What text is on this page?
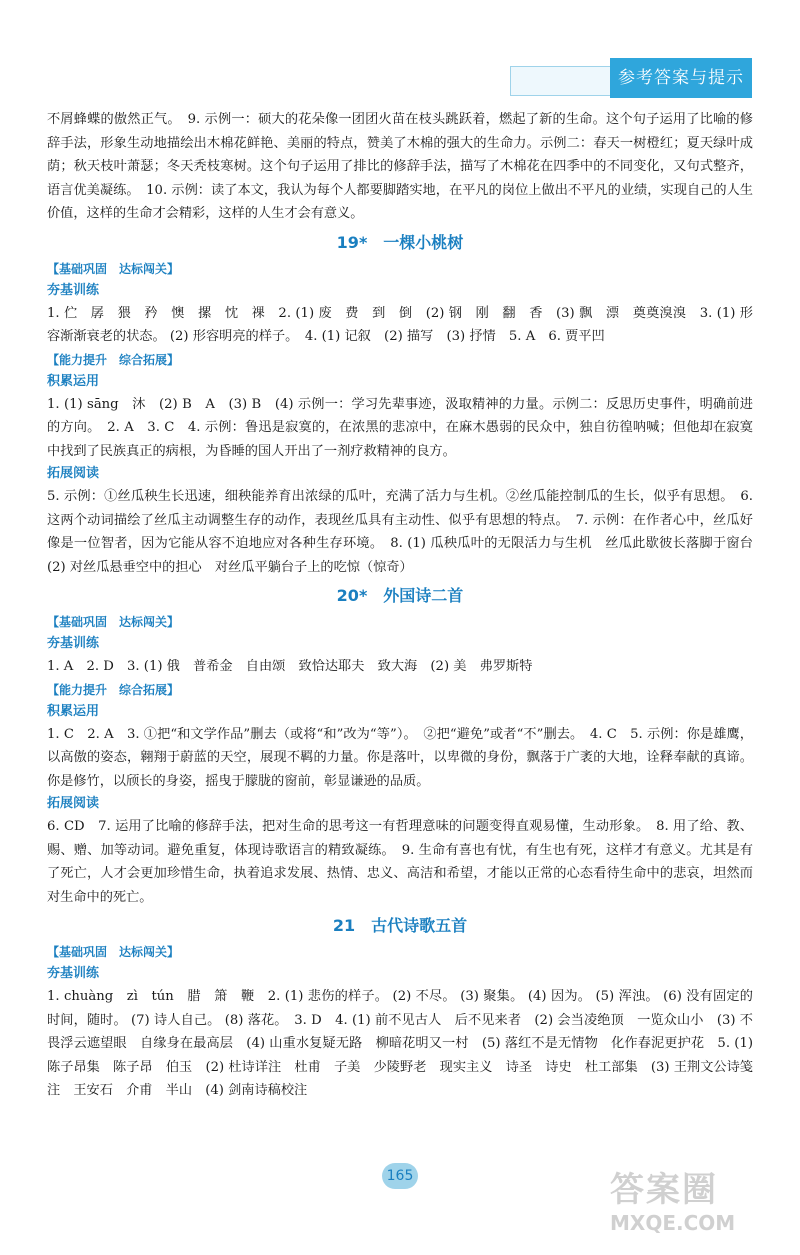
参考答案与提示

不屑蜂蝶的傲然正气。　9. 示例一：硕大的花朵像一团团火苗在枝头跳跃着，燃起了新的生命。这个句子运用了比喻的修辞手法，形象生动地描绘出木棉花鲜艳、美丽的特点，赞美了木棉的强大的生命力。示例二：春天一树橙红；夏天绿叶成荫；秋天枝叶萧瑟；冬天秃枝寒树。这个句子运用了排比的修辞手法，描写了木棉花在四季中的不同变化，又句式整齐，语言优美凝练。　10. 示例：读了本文，我认为每个人都要脚踏实地，在平凡的岗位上做出不平凡的业绩，实现自己的人生价值，这样的生命才会精彩，这样的人生才会有意义。

19*　一棵小桃树
【基础巩固　达标闯关】
夯基训练

1. 伫　孱　猥　矜　懊　摞　忱　祼　2. (1) 废　费　到　倒　(2) 钢　刚　翻　香　(3) 飘　漂　奠奠溴溴　3. (1) 形容渐渐衰老的状态。 (2) 形容明亮的样子。　4. (1) 记叙　(2) 描写　(3) 抒情　5. A　6. 贾平凹

【能力提升　综合拓展】
积累运用

1. (1) sāng　沐　(2) B　A　(3) B　(4) 示例一：学习先辈事迹，汲取精神的力量。示例二：反思历史事件，明确前进的方向。　2. A　3. C　4. 示例：鲁迅是寂寞的，在浓黑的悲凉中，在麻木愚弱的民众中，独自彷徨呐喊；但他却在寂寞中找到了民族真正的病根，为昏睡的国人开出了一剂疗救精神的良方。

拓展阅读

5. 示例：①丝瓜秧生长迅速，细秧能养育出浓绿的瓜叶，充满了活力与生机。②丝瓜能控制瓜的生长，似乎有思想。　6. 这两个动词描绘了丝瓜主动调整生存的动作，表现丝瓜具有主动性、似乎有思想的特点。　7. 示例：在作者心中，丝瓜好像是一位智者，因为它能从容不迫地应对各种生存环境。　8. (1) 瓜秧瓜叶的无限活力与生机　丝瓜此歇彼长落脚于窗台　(2) 对丝瓜悬垂空中的担心　对丝瓜平躺台子上的吃惊（惊奇）

20*　外国诗二首
【基础巩固　达标闯关】
夯基训练

1. A　2. D　3. (1) 俄　普希金　自由颂　致恰达耶夫　致大海　(2) 美　弗罗斯特

【能力提升　综合拓展】
积累运用

1. C　2. A　3. ①把“和文学作品”删去（或将“和”改为“等”）。　②把“避免”或者“不”删去。　4. C　5. 示例：你是雄鹰，以高傲的姿态，翱翔于蔚蓝的天空，展现不羁的力量。你是落叶，以卑微的身份，飘落于广袤的大地，诠释奉献的真谛。你是修竹，以颀长的身姿，摇曳于朦胧的窗前，彰显谦逊的品质。

拓展阅读

6. CD　7. 运用了比喻的修辞手法，把对生命的思考这一有哲理意味的问题变得直观易懂，生动形象。　8. 用了给、教、赐、赠、加等动词。避免重复，体现诗歌语言的精致凝练。　9. 生命有喜也有忧，有生也有死，这样才有意义。尤其是有了死亡，人才会更加珍惜生命，执着追求发展、热情、忠义、高洁和希望，才能以正常的心态看待生命中的悲哀，坦然而对生命中的死亡。

21　古代诗歌五首
【基础巩固　达标闯关】
夯基训练

1. chuàng　zì　tún　腊　箫　鞭　2. (1) 悲伤的样子。 (2) 不尽。 (3) 聚集。 (4) 因为。 (5) 浑浊。 (6) 没有固定的时间，随时。 (7) 诗人自己。 (8) 落花。　3. D　4. (1) 前不见古人　后不见来者　(2) 会当凌绝顶　一览众山小　(3) 不畏浮云遮望眼　自缘身在最高层　(4) 山重水复疑无路　柳暗花明又一村　(5) 落红不是无情物　化作春泥更护花　5. (1) 陈子昂集　陈子昂　伯玉　(2) 杜诗详注　杜甫　子美　少陵野老　现实主义　诗圣　诗史　杜工部集　(3) 王荆文公诗笺注　王安石　介甫　半山　(4) 剑南诗稿校注

165	答案圈
MXQE.COM
